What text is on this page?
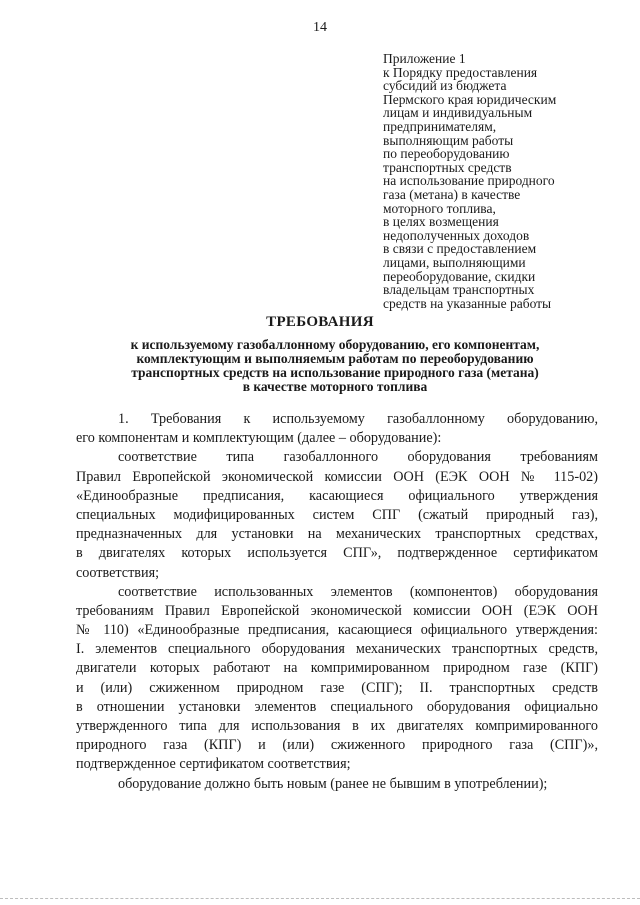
14
Приложение 1
к Порядку предоставления
субсидий из бюджета
Пермского края юридическим
лицам и индивидуальным
предпринимателям,
выполняющим работы
по переоборудованию
транспортных средств
на использование природного
газа (метана) в качестве
моторного топлива,
в целях возмещения
недополученных доходов
в связи с предоставлением
лицами, выполняющими
переоборудование, скидки
владельцам транспортных
средств на указанные работы
ТРЕБОВАНИЯ
к используемому газобаллонному оборудованию, его компонентам,
комплектующим и выполняемым работам по переоборудованию
транспортных средств на использование природного газа (метана)
в качестве моторного топлива
1. Требования к используемому газобаллонному оборудованию,
его компонентам и комплектующим (далее – оборудование):
соответствие типа газобаллонного оборудования требованиям
Правил Европейской экономической комиссии ООН (ЕЭК ООН № 115-02)
«Единообразные предписания, касающиеся официального утверждения
специальных модифицированных систем СПГ (сжатый природный газ),
предназначенных для установки на механических транспортных средствах,
в двигателях которых используется СПГ», подтвержденное сертификатом
соответствия;
соответствие использованных элементов (компонентов) оборудования
требованиям Правил Европейской экономической комиссии ООН (ЕЭК ООН
№ 110) «Единообразные предписания, касающиеся официального утверждения:
I. элементов специального оборудования механических транспортных средств,
двигатели которых работают на компримированном природном газе (КПГ)
и (или) сжиженном природном газе (СПГ); II. транспортных средств
в отношении установки элементов специального оборудования официально
утвержденного типа для использования в их двигателях компримированного
природного газа (КПГ) и (или) сжиженного природного газа (СПГ)»,
подтвержденное сертификатом соответствия;
оборудование должно быть новым (ранее не бывшим в употреблении);
